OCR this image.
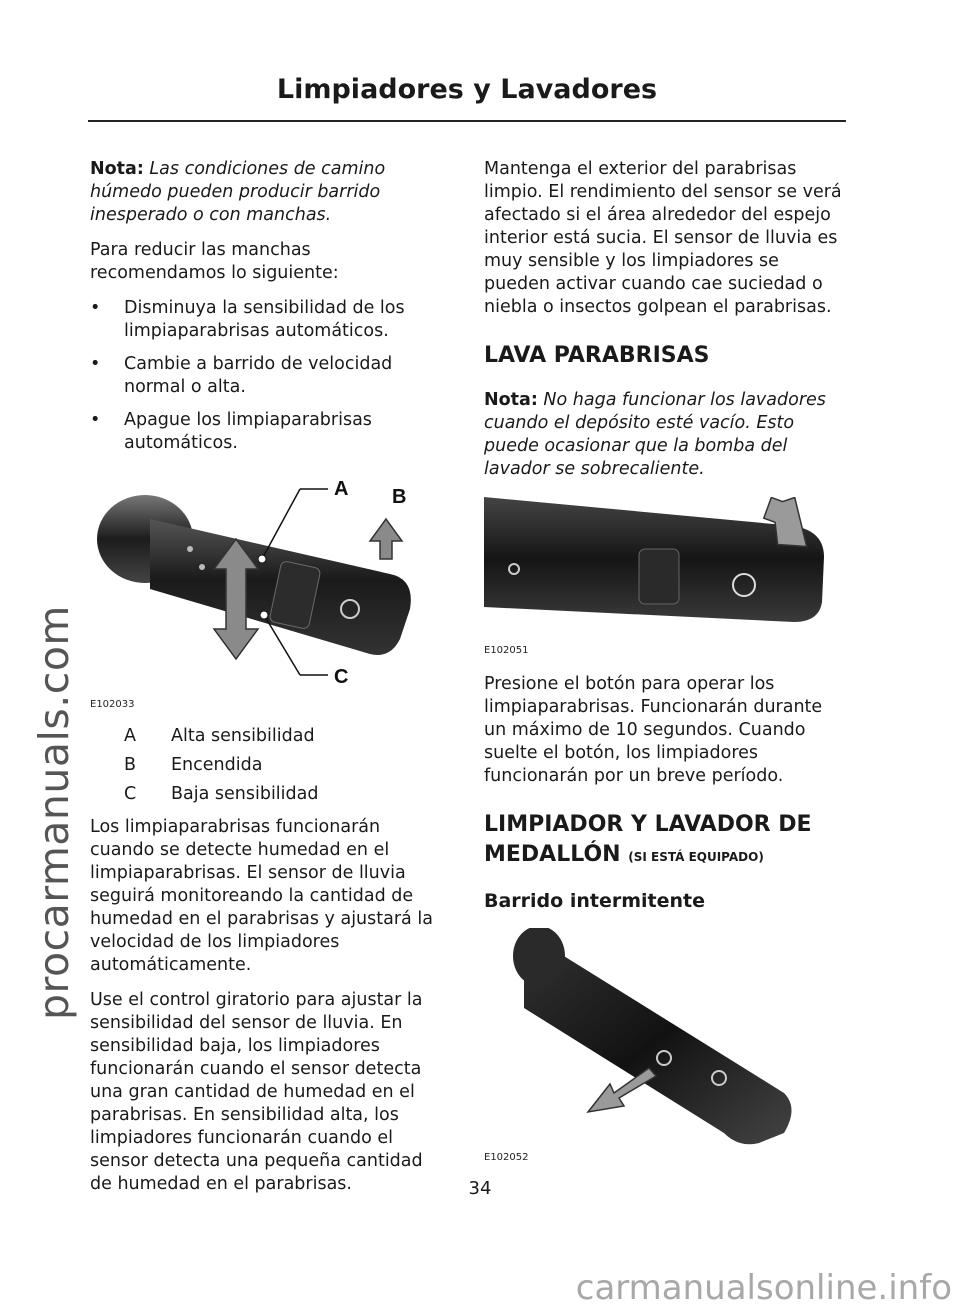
procarmanuals.com
Limpiadores y Lavadores

Nota: Las condiciones de camino húmedo pueden producir barrido inesperado o con manchas.

Para reducir las manchas recomendamos lo siguiente:

• Disminuya la sensibilidad de los limpiaparabrisas automáticos.
• Cambie a barrido de velocidad normal o alta.
• Apague los limpiaparabrisas automáticos.
A B
C
E102033
A	Alta sensibilidad
B	Encendida
C	Baja sensibilidad

Los limpiaparabrisas funcionarán cuando se detecte humedad en el limpiaparabrisas. El sensor de lluvia seguirá monitoreando la cantidad de humedad en el parabrisas y ajustará la velocidad de los limpiadores automáticamente.

Use el control giratorio para ajustar la sensibilidad del sensor de lluvia. En sensibilidad baja, los limpiadores funcionarán cuando el sensor detecta una gran cantidad de humedad en el parabrisas. En sensibilidad alta, los limpiadores funcionarán cuando el sensor detecta una pequeña cantidad de humedad en el parabrisas.

Mantenga el exterior del parabrisas limpio. El rendimiento del sensor se verá afectado si el área alrededor del espejo interior está sucia. El sensor de lluvia es muy sensible y los limpiadores se pueden activar cuando cae suciedad o niebla o insectos golpean el parabrisas.

LAVA PARABRISAS

Nota: No haga funcionar los lavadores cuando el depósito esté vacío. Esto puede ocasionar que la bomba del lavador se sobrecaliente.

E102051

Presione el botón para operar los limpiaparabrisas. Funcionarán durante un máximo de 10 segundos. Cuando suelte el botón, los limpiadores funcionarán por un breve período.

LIMPIADOR Y LAVADOR DE MEDALLÓN (SI ESTÁ EQUIPADO)
Barrido intermitente
E102052
34
carmanualsonline.info
